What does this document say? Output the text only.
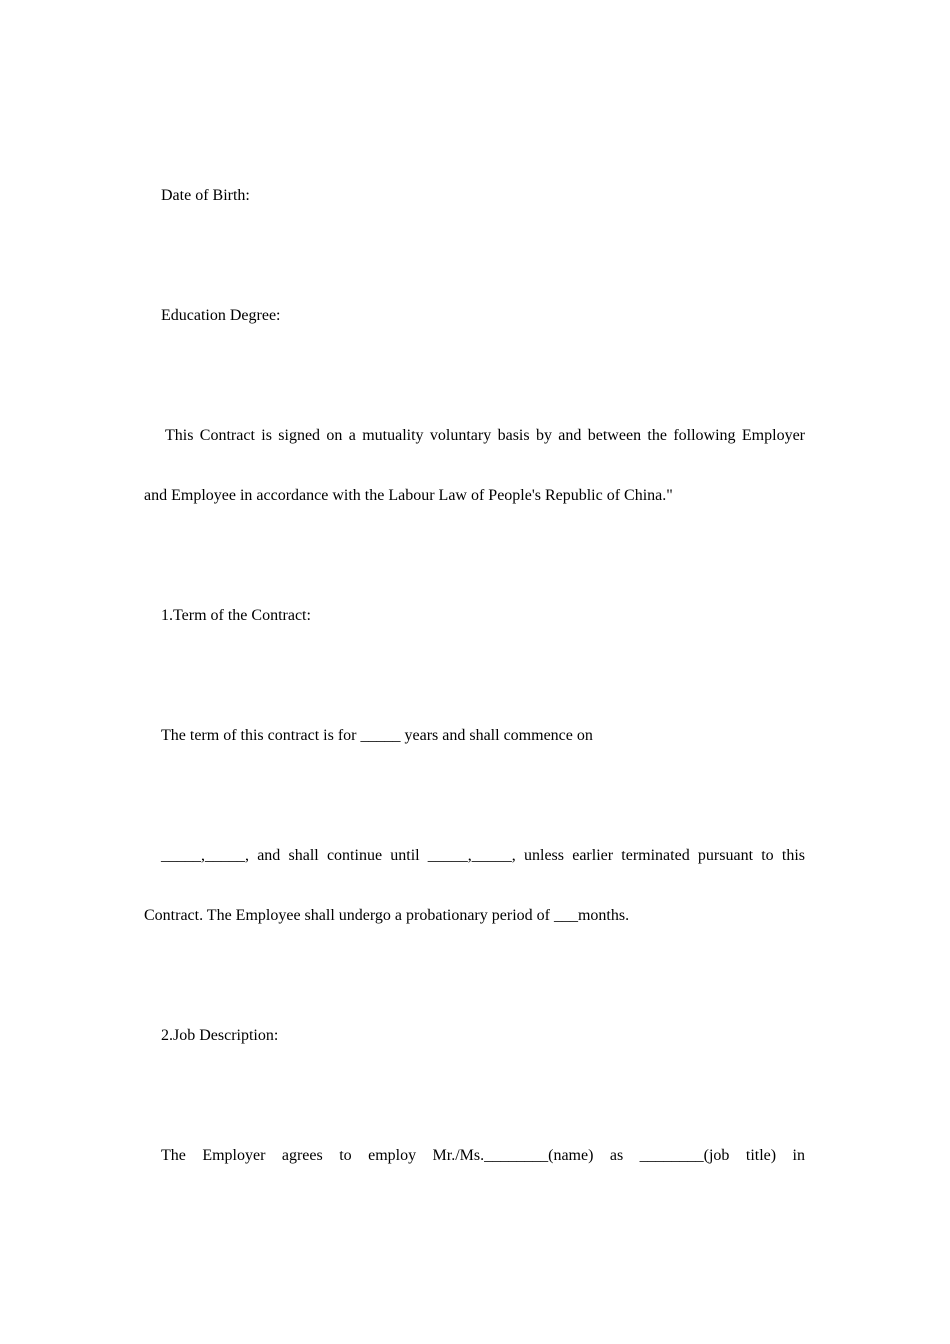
Date of Birth:
Education Degree:
This Contract is signed on a mutuality voluntary basis by and between the following Employer
and Employee in accordance with the Labour Law of People's Republic of China."
1.Term of the Contract:
The term of this contract is for _____ years and shall commence on
_____,_____, and shall continue until _____,_____, unless earlier terminated pursuant to this
Contract. The Employee shall undergo a probationary period of ___months.
2.Job Description:
The Employer agrees to employ Mr./Ms.________(name) as ________(job title) in
